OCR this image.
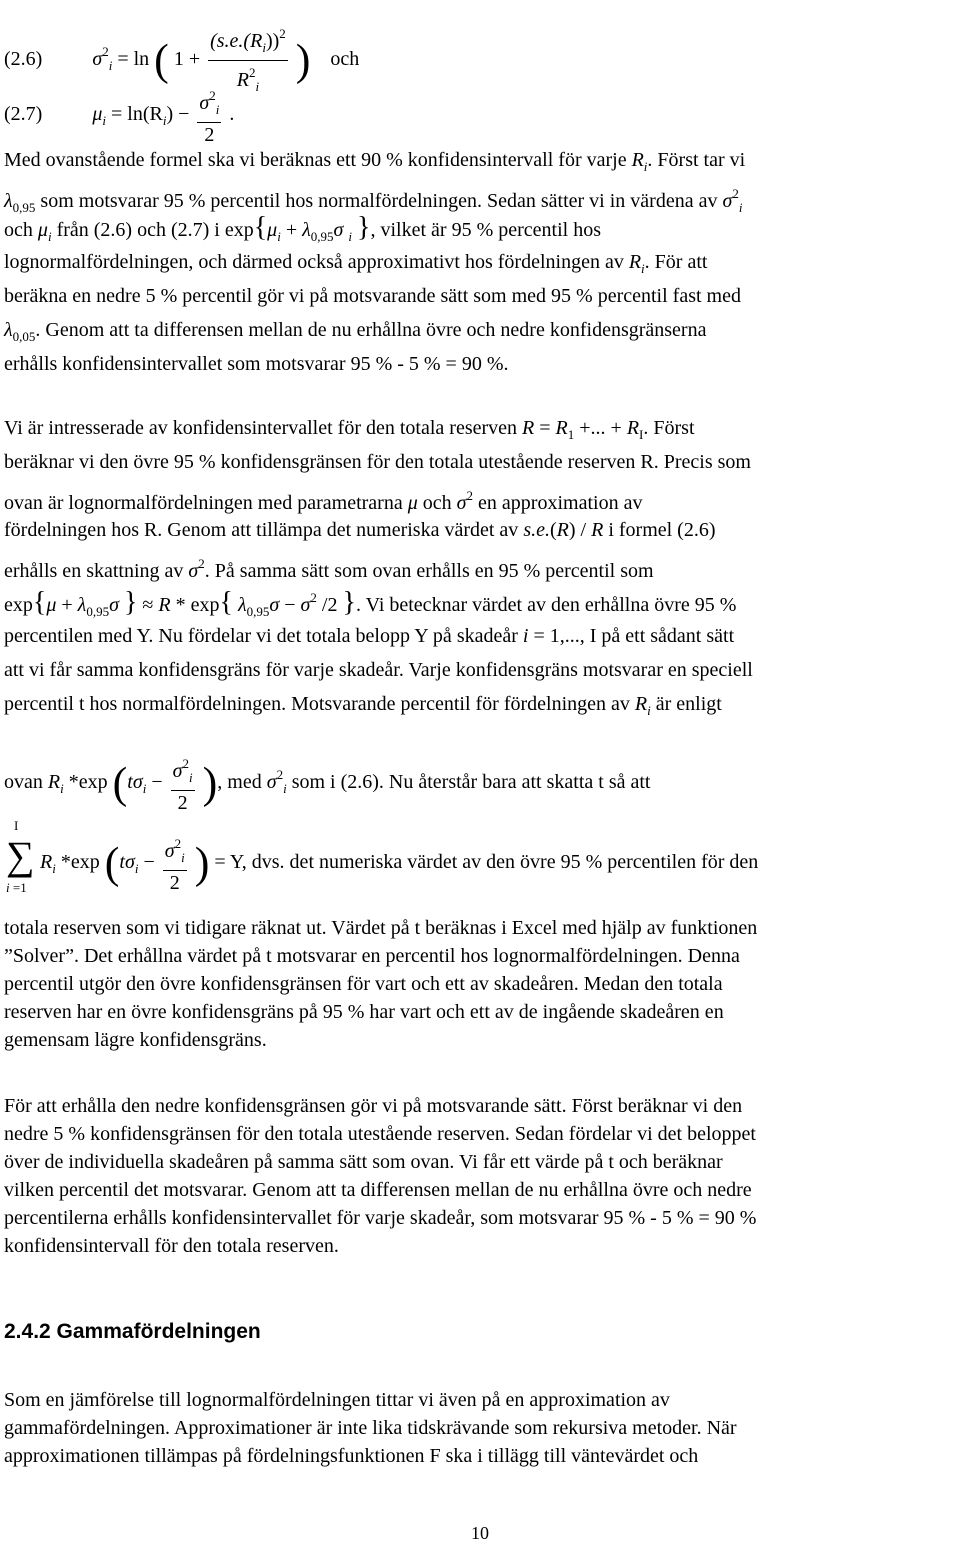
(2.6)	$\sigma^2_i = \ln$ ( $1 + \frac{(s.e.(R_i))^2}{R^2_i}$ ) och
(2.7)	$\mu_i = \ln(R_i) - \frac{\sigma^2_i}{2}$ .
Med ovanstående formel ska vi beräknas ett 90 % konfidensintervall för varje $R_i$. Först tar vi
$\lambda_{0,95}$ som motsvarar 95 % percentil hos normalfördelningen. Sedan sätter vi in värdena av $\sigma^2_i$
och $\mu_i$ från (2.6) och (2.7) i $\exp\{\mu_i + \lambda_{0,95}\sigma$ $_i$ }, vilket är 95 % percentil hos
lognormalfördelningen, och därmed också approximativt hos fördelningen av $R_i$. För att
beräkna en nedre 5 % percentil gör vi på motsvarande sätt som med 95 % percentil fast med
$\lambda_{0,05}$. Genom att ta differensen mellan de nu erhållna övre och nedre konfidensgränserna
erhålls konfidensintervallet som motsvarar 95 % - 5 % = 90 %.
Vi är intresserade av konfidensintervallet för den totala reserven $R = R_1$ +... + $R_I$. Först
beräknar vi den övre 95 % konfidensgränsen för den totala utestående reserven R. Precis som
ovan är lognormalfördelningen med parametrarna μ och $\sigma^2$ en approximation av
fördelningen hos R. Genom att tillämpa det numeriska värdet av s.e.(R) / R i formel (2.6)
erhålls en skattning av $\sigma^2$. På samma sätt som ovan erhålls en 95 % percentil som
$\exp\{\mu + \lambda_{0,95}\sigma$ } ≈ R * exp{ $\lambda_{0,95}\sigma - \sigma^2$ /2 }. Vi betecknar värdet av den erhållna övre 95 %
percentilen med Y. Nu fördelar vi det totala belopp Y på skadeår i = 1,..., I på ett sådant sätt
att vi får samma konfidensgräns för varje skadeår. Varje konfidensgräns motsvarar en speciell
percentil t hos normalfördelningen. Motsvarande percentil för fördelningen av $R_i$ är enligt
ovan $R_i$ *exp ($t\sigma_i - \frac{\sigma^2_i}{2}$ ), med $\sigma^2_i$ som i (2.6). Nu återstår bara att skatta t så att
$R_i$ *exp ($t\sigma_i - \frac{\sigma^2_i}{2}$ ) = Y, dvs. det numeriska värdet av den övre 95 % percentilen för den
∑
I
i =1
totala reserven som vi tidigare räknat ut. Värdet på t beräknas i Excel med hjälp av funktionen
”Solver”. Det erhållna värdet på t motsvarar en percentil hos lognormalfördelningen. Denna
percentil utgör den övre konfidensgränsen för vart och ett av skadeåren. Medan den totala
reserven har en övre konfidensgräns på 95 % har vart och ett av de ingående skadeåren en
gemensam lägre konfidensgräns.
För att erhålla den nedre konfidensgränsen gör vi på motsvarande sätt. Först beräknar vi den
nedre 5 % konfidensgränsen för den totala utestående reserven. Sedan fördelar vi det beloppet
över de individuella skadeåren på samma sätt som ovan. Vi får ett värde på t och beräknar
vilken percentil det motsvarar. Genom att ta differensen mellan de nu erhållna övre och nedre
percentilerna erhålls konfidensintervallet för varje skadeår, som motsvarar 95 % - 5 % = 90 %
konfidensintervall för den totala reserven.
2.4.2 Gammafördelningen
Som en jämförelse till lognormalfördelningen tittar vi även på en approximation av
gammafördelningen. Approximationer är inte lika tidskrävande som rekursiva metoder. När
approximationen tillämpas på fördelningsfunktionen F ska i tillägg till väntevärdet och
10
